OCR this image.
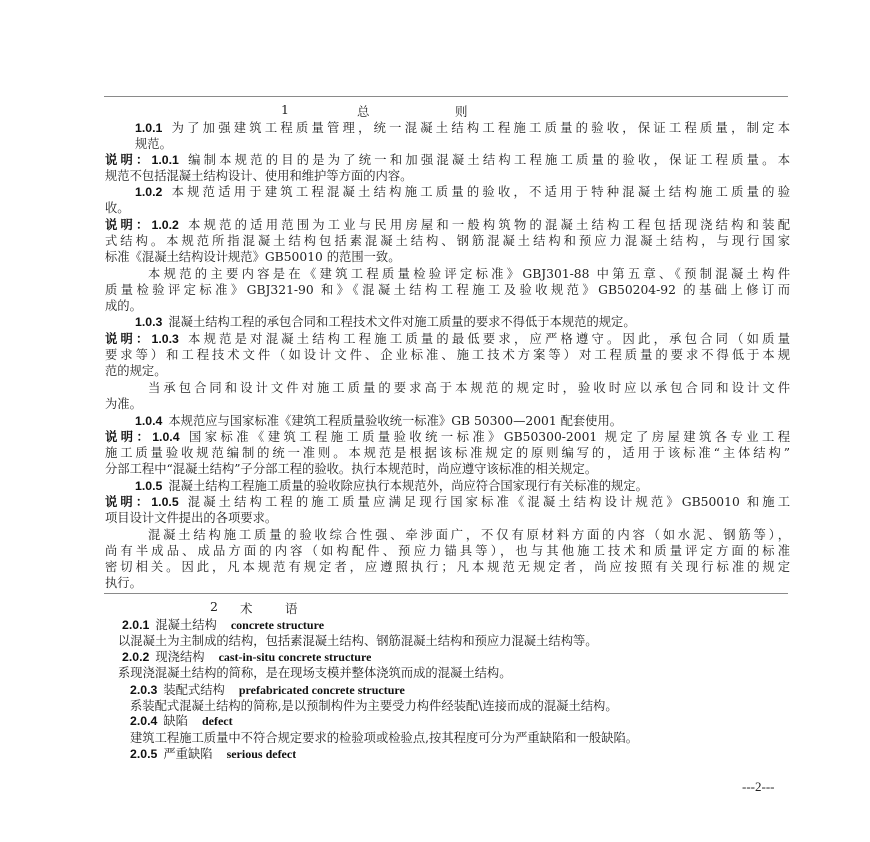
1	总	则
1.0.1 为了加强建筑工程质量管理，统一混凝土结构工程施工质量的验收，保证工程质量，制定本
规范。
说明：1.0.1 编制本规范的目的是为了统一和加强混凝土结构工程施工质量的验收，保证工程质量。本
规范不包括混凝土结构设计、使用和维护等方面的内容。
1.0.2 本规范适用于建筑工程混凝土结构施工质量的验收，不适用于特种混凝土结构施工质量的验
收。
说明：1.0.2 本规范的适用范围为工业与民用房屋和一般构筑物的混凝土结构工程包括现浇结构和装配
式结构。本规范所指混凝土结构包括素混凝土结构、钢筋混凝土结构和预应力混凝土结构，与现行国家
标准《混凝土结构设计规范》GB50010 的范围一致。
本规范的主要内容是在《建筑工程质量检验评定标准》GBJ301-88 中第五章、《预制混凝土构件
质量检验评定标准》GBJ321-90 和》《混凝土结构工程施工及验收规范》GB50204-92 的基础上修订而
成的。
1.0.3 混凝土结构工程的承包合同和工程技术文件对施工质量的要求不得低于本规范的规定。
说明：1.0.3 本规范是对混凝土结构工程施工质量的最低要求，应严格遵守。因此，承包合同（如质量
要求等）和工程技术文件（如设计文件、企业标准、施工技术方案等）对工程质量的要求不得低于本规
范的规定。
当承包合同和设计文件对施工质量的要求高于本规范的规定时，验收时应以承包合同和设计文件
为准。
1.0.4 本规范应与国家标准《建筑工程质量验收统一标准》GB 50300—2001 配套使用。
说明：1.0.4 国家标准《建筑工程施工质量验收统一标准》GB50300-2001 规定了房屋建筑各专业工程
施工质量验收规范编制的统一准则。本规范是根据该标准规定的原则编写的，适用于该标准“主体结构”
分部工程中“混凝土结构”子分部工程的验收。执行本规范时，尚应遵守该标准的相关规定。
1.0.5 混凝土结构工程施工质量的验收除应执行本规范外，尚应符合国家现行有关标准的规定。
说明：1.0.5 混凝土结构工程的施工质量应满足现行国家标准《混凝土结构设计规范》GB50010 和施工
项目设计文件提出的各项要求。
混凝土结构施工质量的验收综合性强、牵涉面广，不仅有原材料方面的内容（如水泥、钢筋等），
尚有半成品、成品方面的内容（如构配件、预应力锚具等），也与其他施工技术和质量评定方面的标准
密切相关。因此，凡本规范有规定者，应遵照执行；凡本规范无规定者，尚应按照有关现行标准的规定
执行。
2 术	语
2.0.1 混凝土结构 concrete structure
以混凝土为主制成的结构，包括素混凝土结构、钢筋混凝土结构和预应力混凝土结构等。
2.0.2 现浇结构 cast-in-situ concrete structure
系现浇混凝土结构的简称，是在现场支模并整体浇筑而成的混凝土结构。
2.0.3 装配式结构 prefabricated concrete structure
系装配式混凝土结构的简称,是以预制构件为主要受力构件经装配\连接而成的混凝土结构。
2.0.4 缺陷 defect
建筑工程施工质量中不符合规定要求的检验项或检验点,按其程度可分为严重缺陷和一般缺陷。
2.0.5 严重缺陷 serious defect
---2---
